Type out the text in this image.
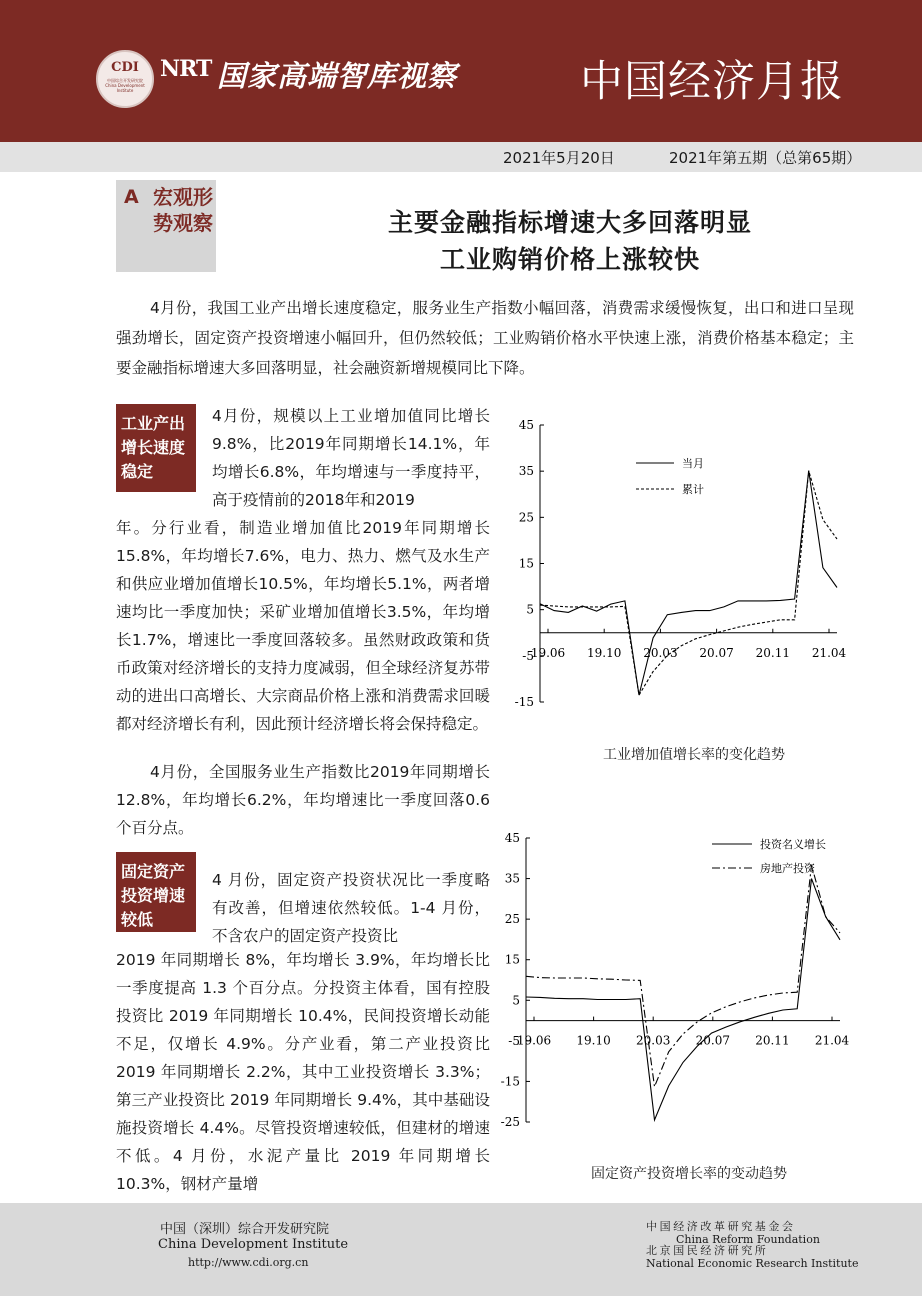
CDI
中国综合开发研究院 China Development Institute
NRT 国家高端智库视察	中国经济月报
2021年5月20日	2021年第五期（总第65期）
A 宏观形势观察	主要金融指标增速大多回落明显
工业购销价格上涨较快

4月份，我国工业产出增长速度稳定，服务业生产指数小幅回落，消费需求缓慢恢复，出口和进口呈现强劲增长，固定资产投资增速小幅回升，但仍然较低；工业购销价格水平快速上涨，消费价格基本稳定；主要金融指标增速大多回落明显，社会融资新增规模同比下降。

工业产出增长速度稳定

4月份，规模以上工业增加值同比增长9.8%，比2019年同期增长14.1%，年均增长6.8%，年均增速与一季度持平，高于疫情前的2018年和2019

年。分行业看，制造业增加值比2019年同期增长15.8%，年均增长7.6%，电力、热力、燃气及水生产和供应业增加值增长10.5%，年均增长5.1%，两者增速均比一季度加快；采矿业增加值增长3.5%，年均增长1.7%，增速比一季度回落较多。虽然财政政策和货币政策对经济增长的支持力度减弱，但全球经济复苏带动的进出口高增长、大宗商品价格上涨和消费需求回暖都对经济增长有利，因此预计经济增长将会保持稳定。

4月份，全国服务业生产指数比2019年同期增长12.8%，年均增长6.2%，年均增速比一季度回落0.6个百分点。

固定资产投资增速较低

4 月份，固定资产投资状况比一季度略有改善，但增速依然较低。1-4 月份，不含农户的固定资产投资比

2019 年同期增长 8%，年均增长 3.9%，年均增长比一季度提高 1.3 个百分点。分投资主体看，国有控股投资比 2019 年同期增长 10.4%，民间投资增长动能不足，仅增长 4.9%。分产业看，第二产业投资比 2019 年同期增长 2.2%，其中工业投资增长 3.3%；第三产业投资比 2019 年同期增长 9.4%，其中基础设施投资增长 4.4%。尽管投资增速较低，但建材的增速不低。4 月份，水泥产量比 2019 年同期增长 10.3%，钢材产量增

45
35
25
15
5
-5
-15
19.06 19.10 20.03 20.07 20.11 21.04
当月
累计
工业增加值增长率的变化趋势
45
35
25
15
5
-5
-15
-25
19.06 19.10 20.03 20.07 20.11 21.04
投资名义增长
房地产投资
固定资产投资增长率的变动趋势
中国（深圳）综合开发研究院
China Development Institute
http://www.cdi.org.cn
中国经济改革研究基金会
China Reform Foundation
北京国民经济研究所
National Economic Research Institute
